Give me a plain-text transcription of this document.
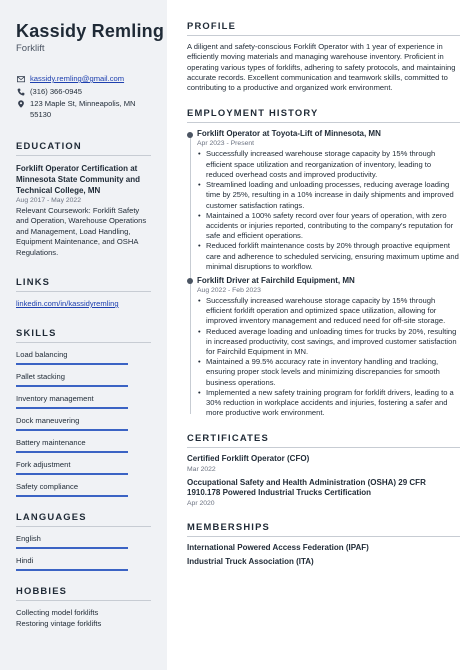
Kassidy Remling
Forklift
kassidy.remling@gmail.com
(316) 366-0945
123 Maple St, Minneapolis, MN
55130
EDUCATION
Forklift Operator Certification at Minnesota State Community and Technical College, MN
Aug 2017 - May 2022
Relevant Coursework: Forklift Safety and Operation, Warehouse Operations and Management, Load Handling, Equipment Maintenance, and OSHA Regulations.
LINKS
linkedin.com/in/kassidyremling
SKILLS
Load balancing
Pallet stacking
Inventory management
Dock maneuvering
Battery maintenance
Fork adjustment
Safety compliance
LANGUAGES
English
Hindi
HOBBIES
Collecting model forklifts
Restoring vintage forklifts
PROFILE
A diligent and safety-conscious Forklift Operator with 1 year of experience in efficiently moving materials and managing warehouse inventory. Proficient in operating various types of forklifts, adhering to safety protocols, and maintaining accurate records. Excellent communication and teamwork skills, committed to contributing to a productive and organized work environment.
EMPLOYMENT HISTORY
Forklift Operator at Toyota-Lift of Minnesota, MN
Apr 2023 - Present
• Successfully increased warehouse storage capacity by 15% through efficient space utilization and reorganization of inventory, leading to reduced overhead costs and improved productivity.
• Streamlined loading and unloading processes, reducing average loading time by 25%, resulting in a 10% increase in daily shipments and improved customer satisfaction ratings.
• Maintained a 100% safety record over four years of operation, with zero accidents or injuries reported, contributing to the company's reputation for safe and efficient operations.
• Reduced forklift maintenance costs by 20% through proactive equipment care and adherence to scheduled servicing, ensuring maximum uptime and minimal disruptions to workflow.
Forklift Driver at Fairchild Equipment, MN
Aug 2022 - Feb 2023
• Successfully increased warehouse storage capacity by 15% through efficient forklift operation and optimized space utilization, allowing for improved inventory management and reduced need for off-site storage.
• Reduced average loading and unloading times for trucks by 20%, resulting in increased productivity, cost savings, and improved customer satisfaction for Fairchild Equipment in MN.
• Maintained a 99.5% accuracy rate in inventory handling and tracking, ensuring proper stock levels and minimizing discrepancies for smooth business operations.
• Implemented a new safety training program for forklift drivers, leading to a 30% reduction in workplace accidents and injuries, fostering a safer and more productive work environment.
CERTIFICATES
Certified Forklift Operator (CFO)
Mar 2022
Occupational Safety and Health Administration (OSHA) 29 CFR 1910.178 Powered Industrial Trucks Certification
Apr 2020
MEMBERSHIPS
International Powered Access Federation (IPAF)
Industrial Truck Association (ITA)
